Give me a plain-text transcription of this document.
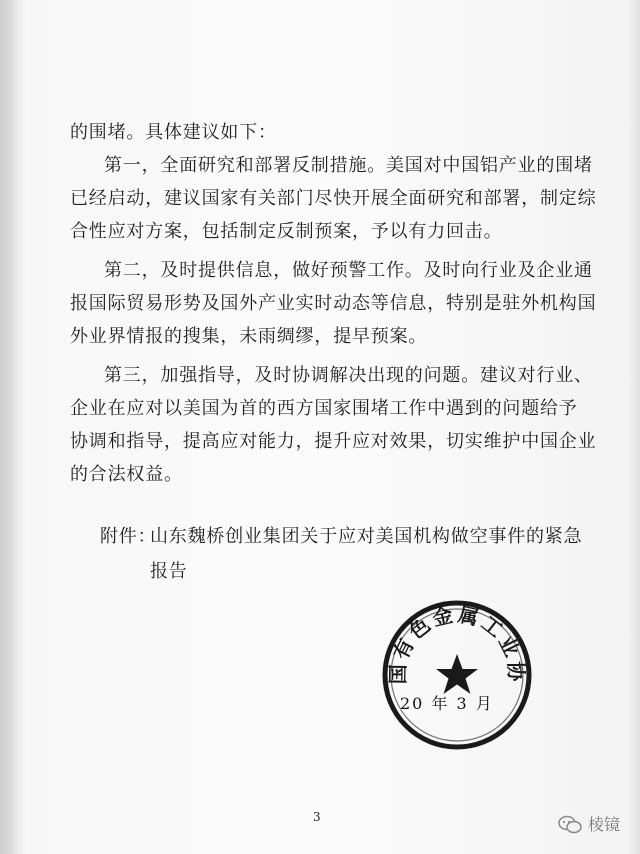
的围堵。具体建议如下：
第一，全面研究和部署反制措施。美国对中国铝产业的围堵
已经启动，建议国家有关部门尽快开展全面研究和部署，制定综
合性应对方案，包括制定反制预案，予以有力回击。
第二，及时提供信息，做好预警工作。及时向行业及企业通
报国际贸易形势及国外产业实时动态等信息，特别是驻外机构国
外业界情报的搜集，未雨绸缪，提早预案。
第三，加强指导，及时协调解决出现的问题。建议对行业、
企业在应对以美国为首的西方国家围堵工作中遇到的问题给予
协调和指导，提高应对能力，提升应对效果，切实维护中国企业
的合法权益。
附件：
山东魏桥创业集团关于应对美国机构做空事件的紧急
报告
国有色金属工业协
20 年 3 月
3	棱镜
